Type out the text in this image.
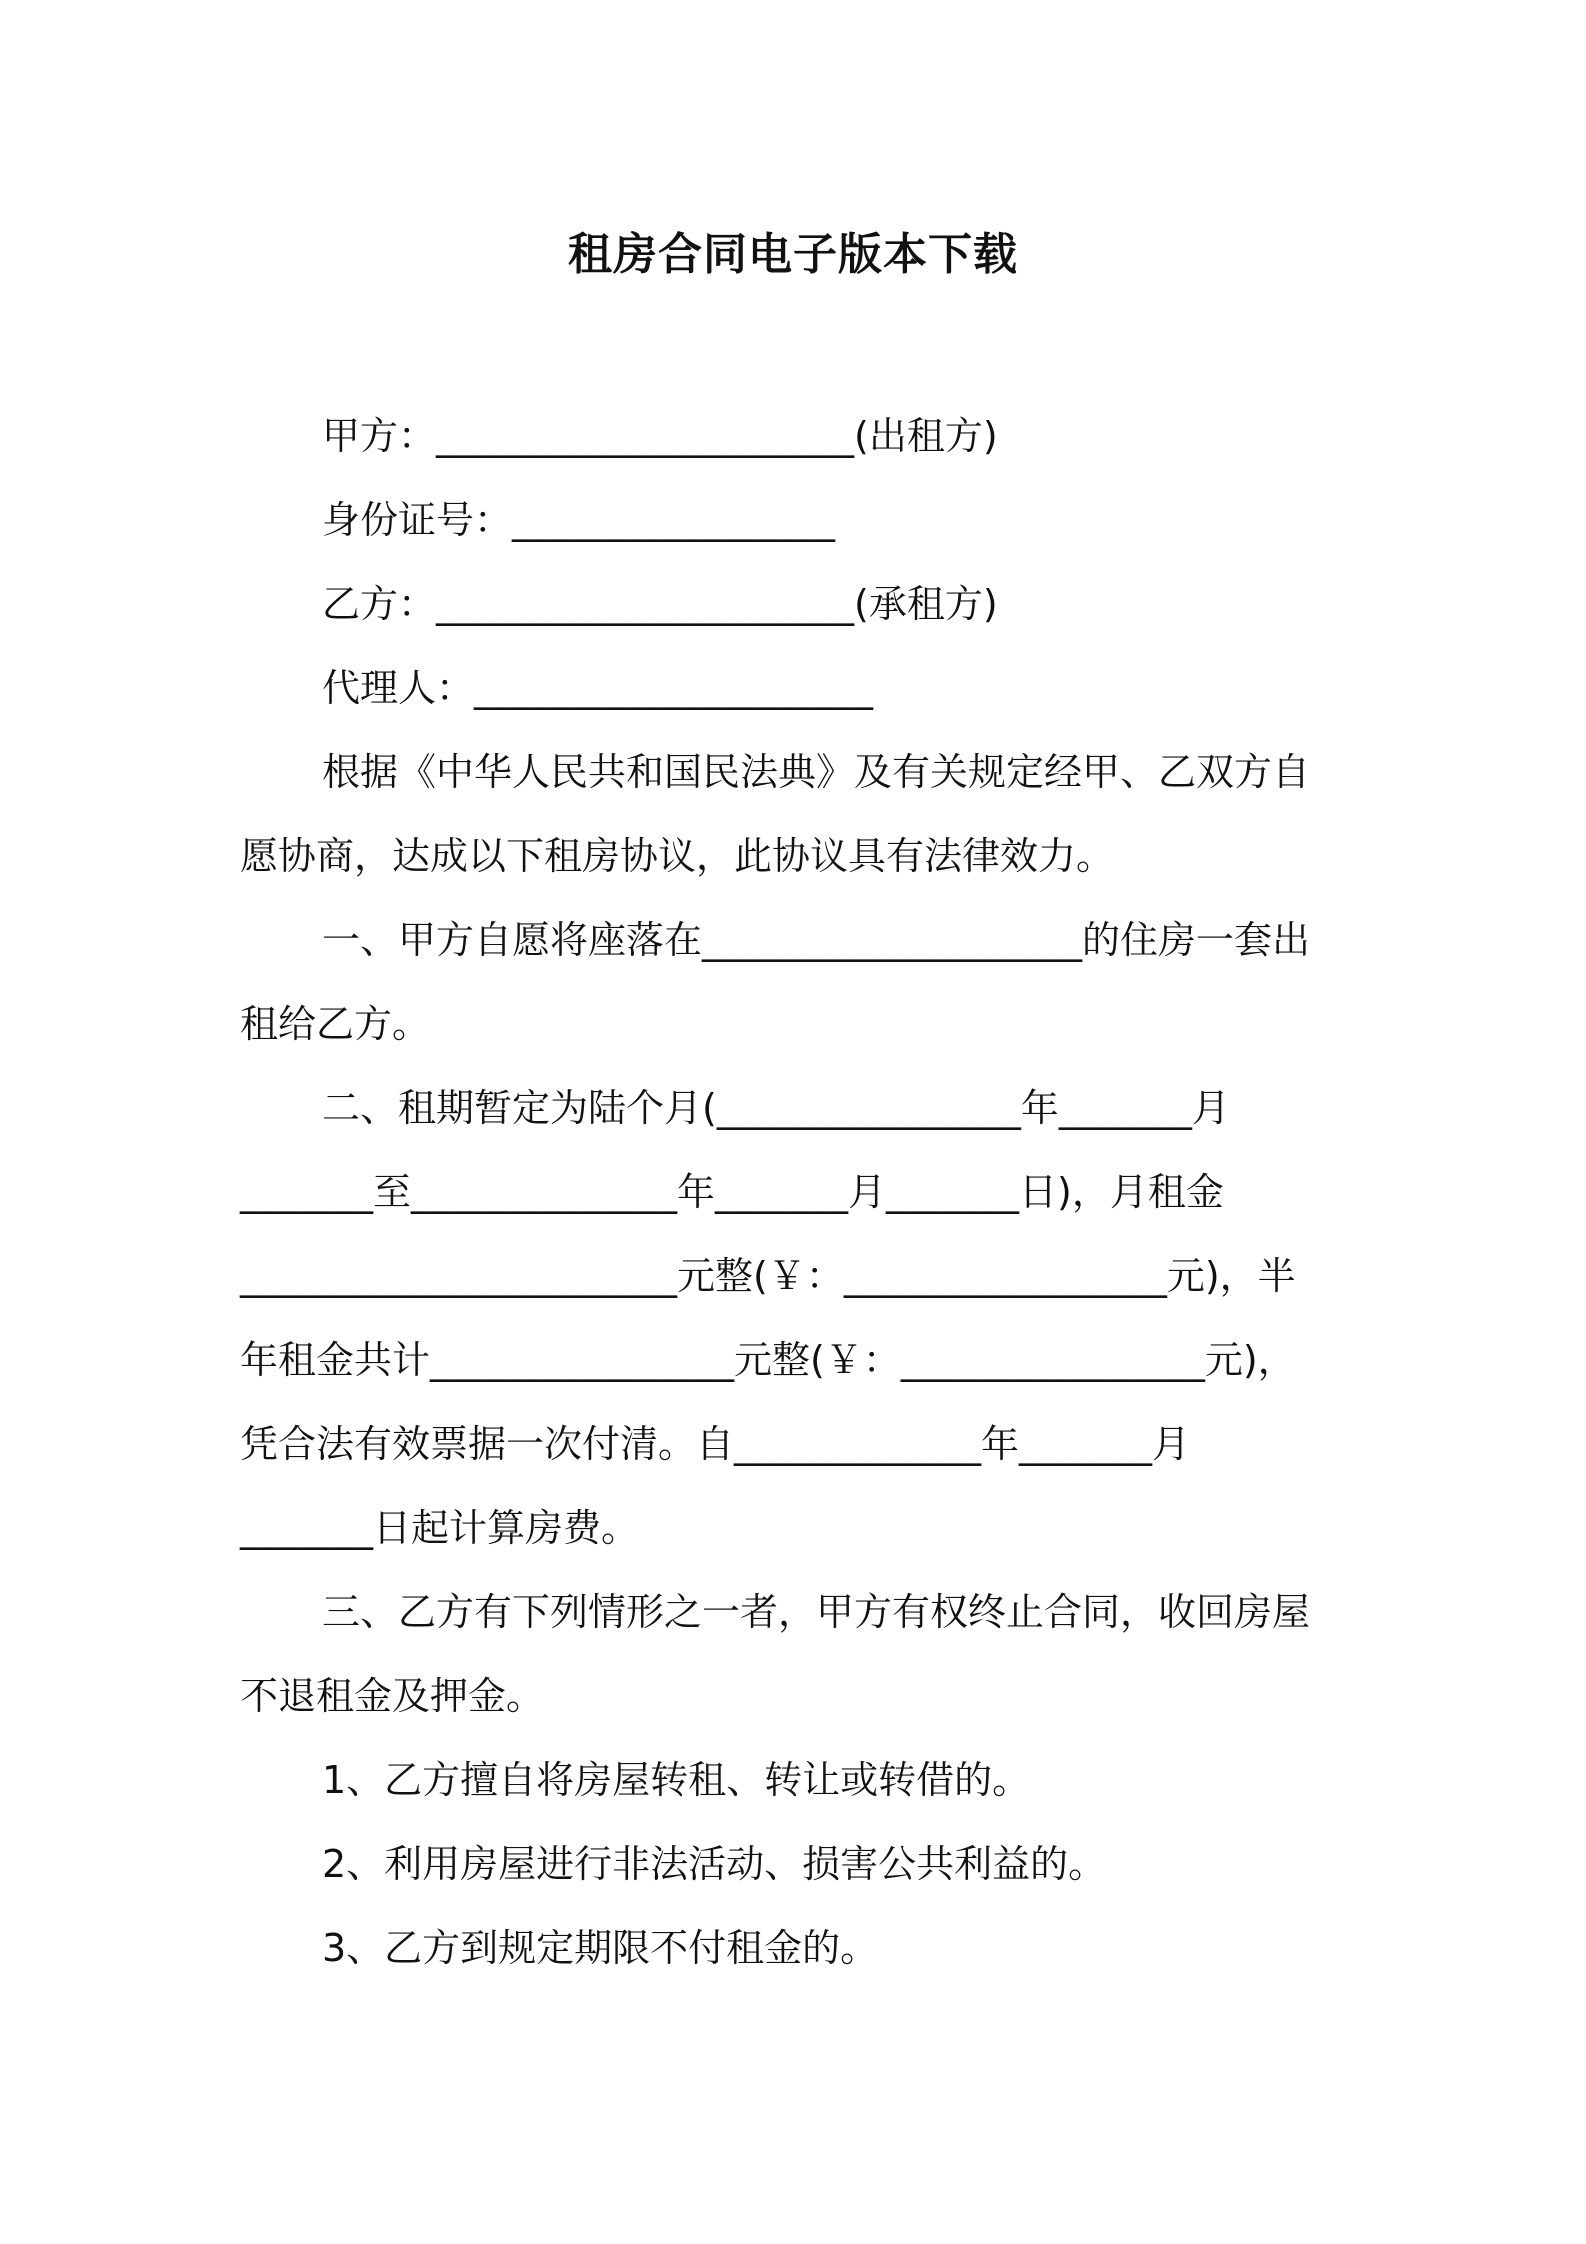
租房合同电子版本下载

甲方：______________________(出租方)

身份证号：_________________

乙方：______________________(承租方)

代理人：_____________________

根据《中华人民共和国民法典》及有关规定经甲、乙双方自

愿协商，达成以下租房协议，此协议具有法律效力。

一、甲方自愿将座落在____________________的住房一套出

租给乙方。

二、租期暂定为陆个月(________________年_______月

_______至______________年_______月_______日)，月租金

_______________________元整(￥：_________________元)，半

年租金共计________________元整(￥：________________元)，

凭合法有效票据一次付清。自_____________年_______月

_______日起计算房费。

三、乙方有下列情形之一者，甲方有权终止合同，收回房屋

不退租金及押金。

1、乙方擅自将房屋转租、转让或转借的。

2、利用房屋进行非法活动、损害公共利益的。

3、乙方到规定期限不付租金的。
